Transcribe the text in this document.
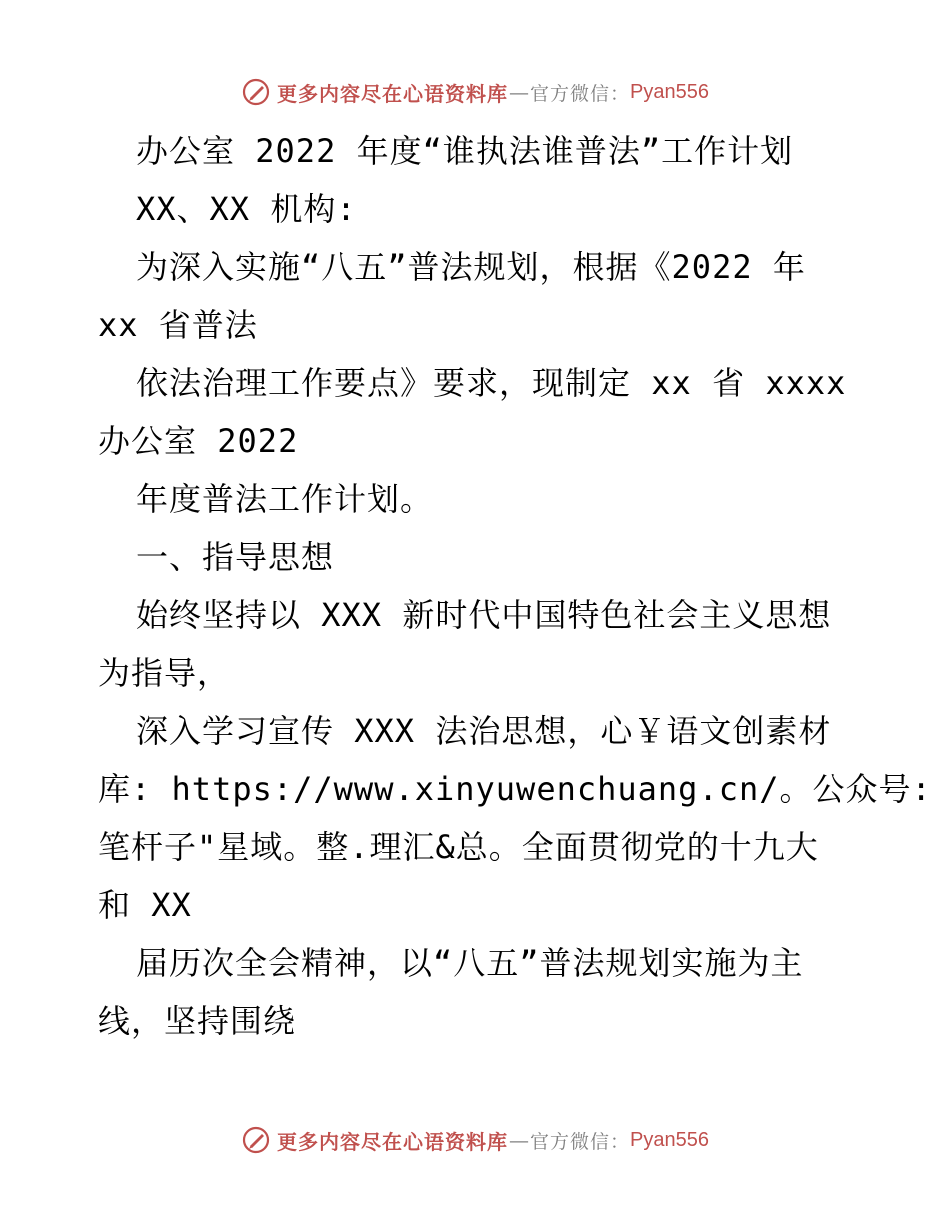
更多内容尽在心语资料库 — 官方微信： Pyan556
办公室 2022 年度“谁执法谁普法”工作计划
XX、XX 机构:
为深入实施“八五”普法规划，根据《2022 年
xx 省普法
依法治理工作要点》要求，现制定 xx 省 xxxx
办公室 2022
年度普法工作计划。
一、指导思想
始终坚持以 XXX 新时代中国特色社会主义思想
为指导，
深入学习宣传 XXX 法治思想，心￥语文创素材
库: https://www.xinyuwenchuang.cn/。公众号:
笔杆子"星域。整.理汇&总。全面贯彻党的十九大
和 XX
届历次全会精神，以“八五”普法规划实施为主
线，坚持围绕
更多内容尽在心语资料库 — 官方微信： Pyan556
